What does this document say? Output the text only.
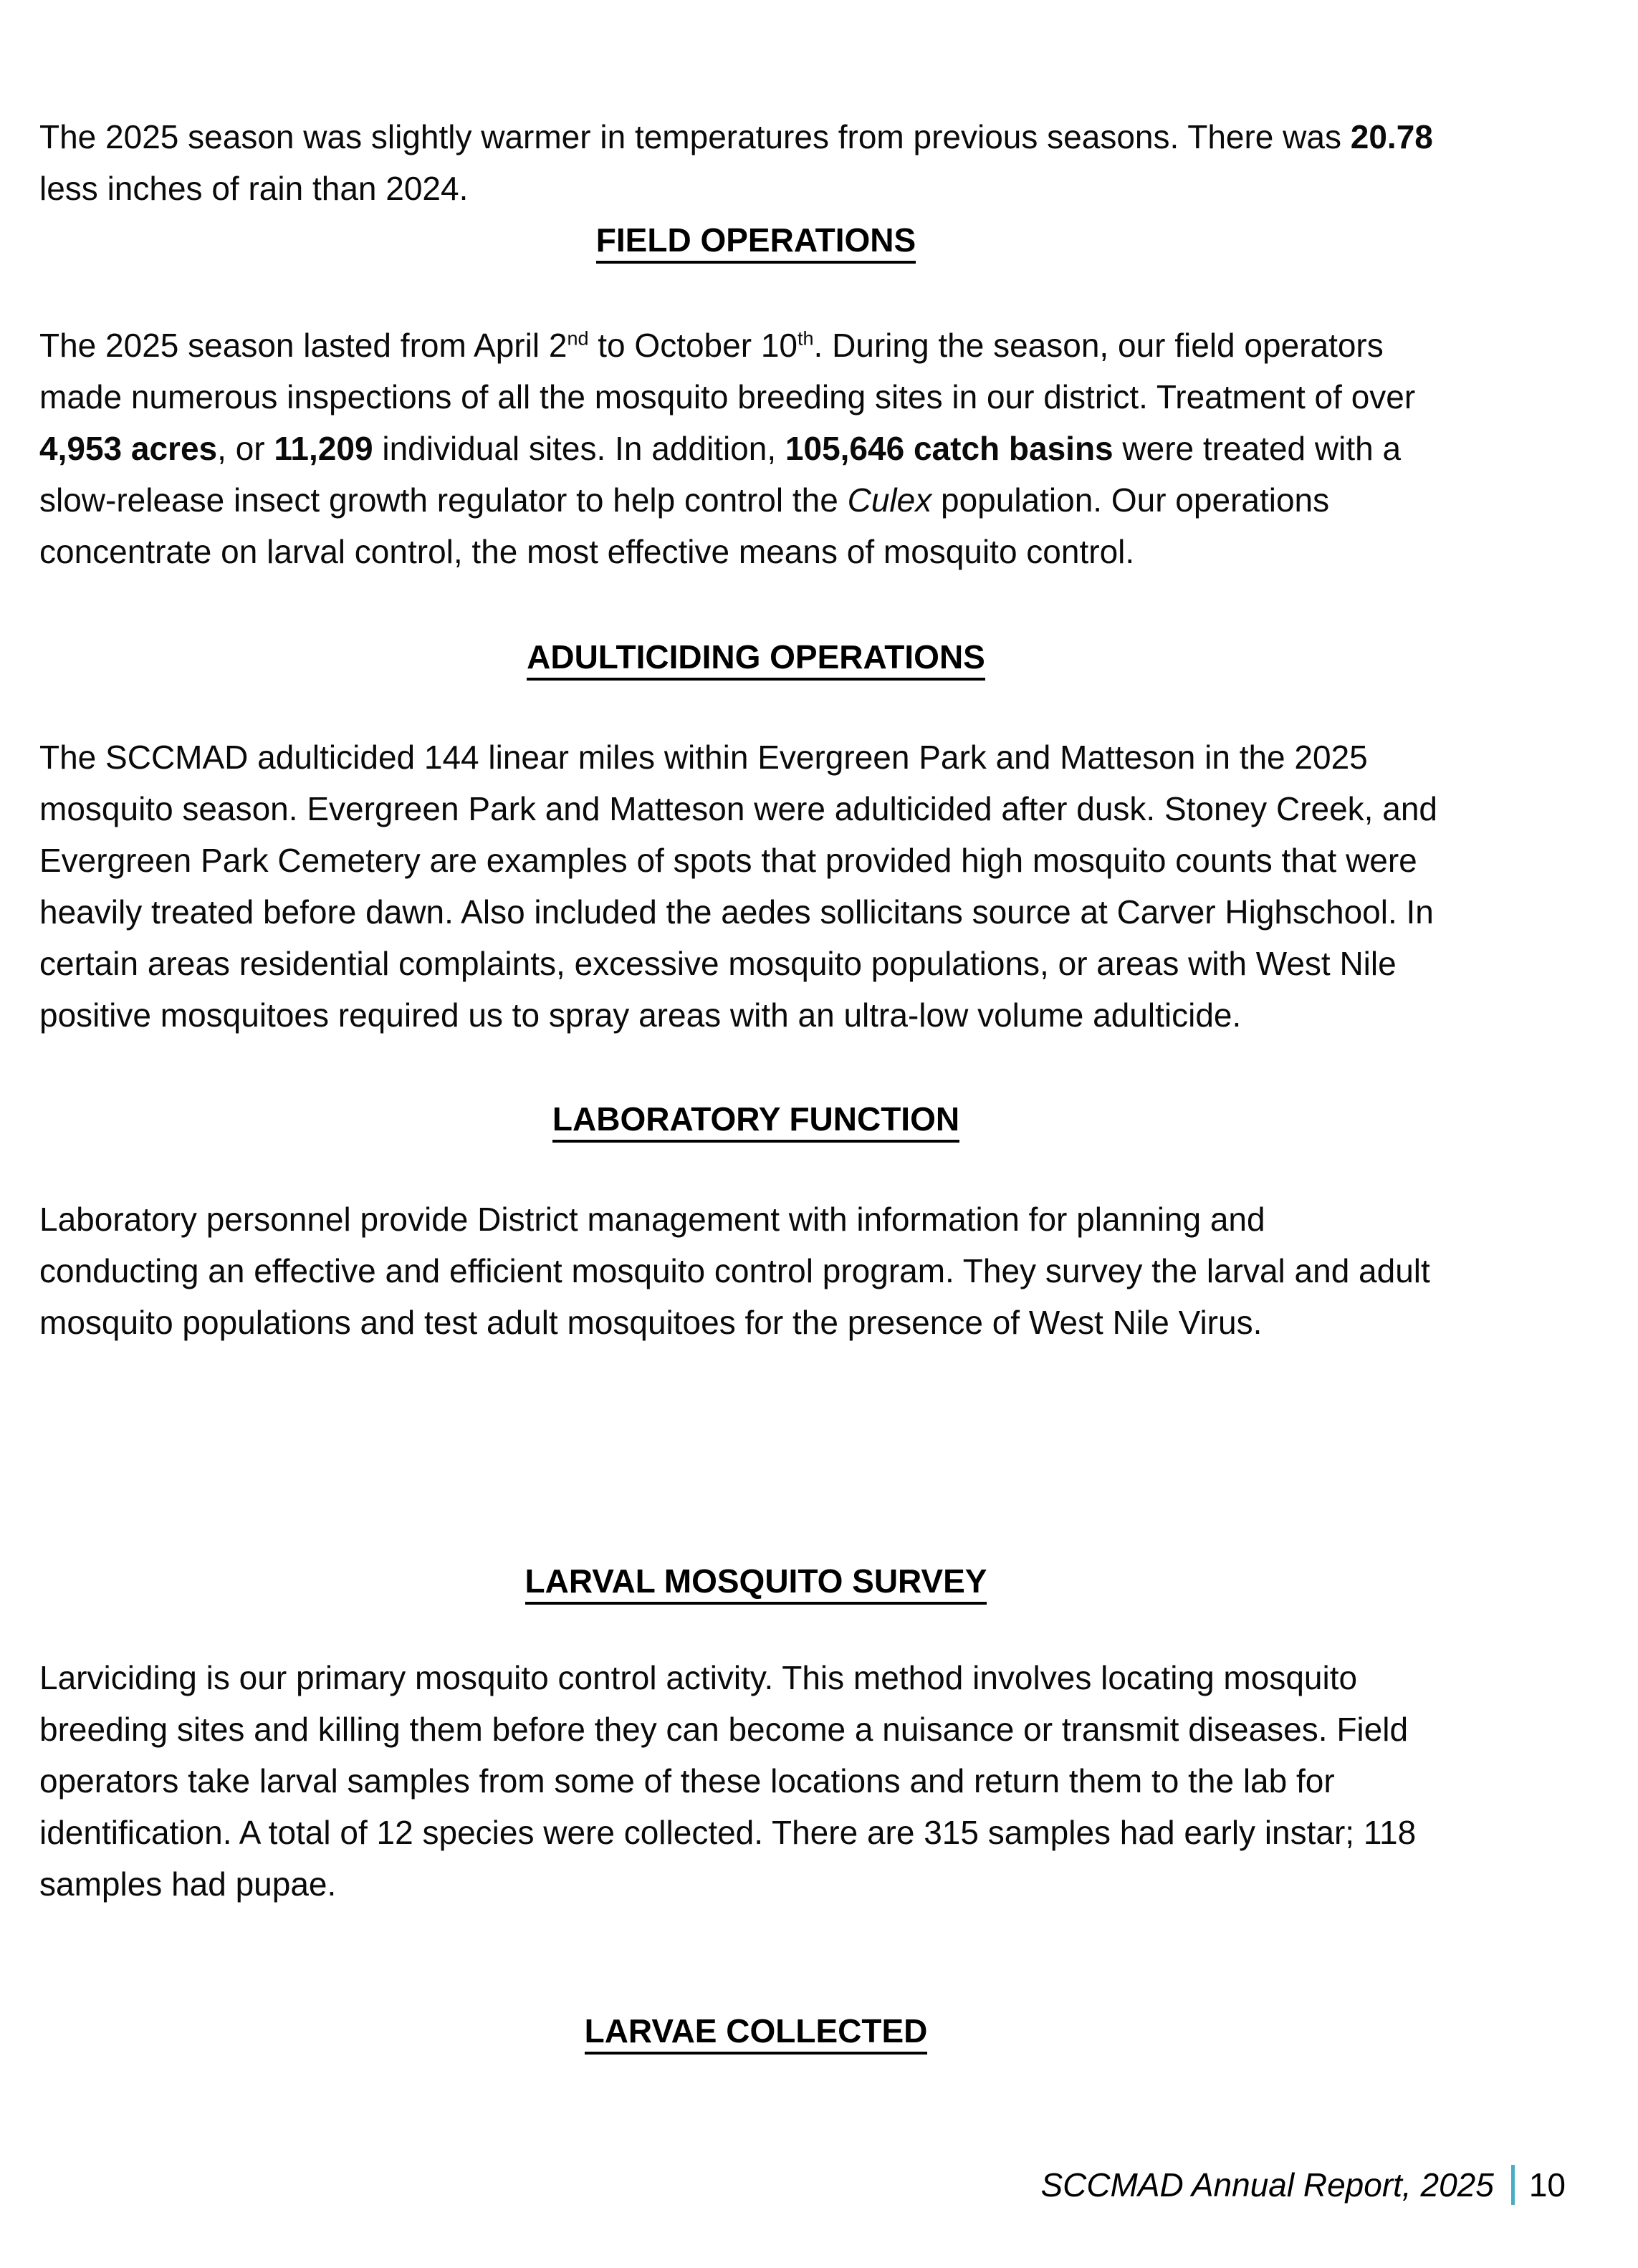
The 2025 season was slightly warmer in temperatures from previous seasons. There was 20.78 less inches of rain than 2024.

FIELD OPERATIONS

The 2025 season lasted from April 2nd to October 10th. During the season, our field operators made numerous inspections of all the mosquito breeding sites in our district. Treatment of over 4,953 acres, or 11,209 individual sites. In addition, 105,646 catch basins were treated with a slow-release insect growth regulator to help control the Culex population. Our operations concentrate on larval control, the most effective means of mosquito control.

ADULTICIDING OPERATIONS

The SCCMAD adulticided 144 linear miles within Evergreen Park and Matteson in the 2025 mosquito season. Evergreen Park and Matteson were adulticided after dusk. Stoney Creek, and Evergreen Park Cemetery are examples of spots that provided high mosquito counts that were heavily treated before dawn. Also included the aedes sollicitans source at Carver Highschool. In certain areas residential complaints, excessive mosquito populations, or areas with West Nile positive mosquitoes required us to spray areas with an ultra-low volume adulticide.

LABORATORY FUNCTION

Laboratory personnel provide District management with information for planning and
conducting an effective and efficient mosquito control program. They survey the larval and adult mosquito populations and test adult mosquitoes for the presence of West Nile Virus.

LARVAL MOSQUITO SURVEY

Larviciding is our primary mosquito control activity. This method involves locating mosquito breeding sites and killing them before they can become a nuisance or transmit diseases. Field operators take larval samples from some of these locations and return them to the lab for identification. A total of 12 species were collected. There are 315 samples had early instar; 118 samples had pupae.

LARVAE COLLECTED

SCCMAD Annual Report, 2025 10
